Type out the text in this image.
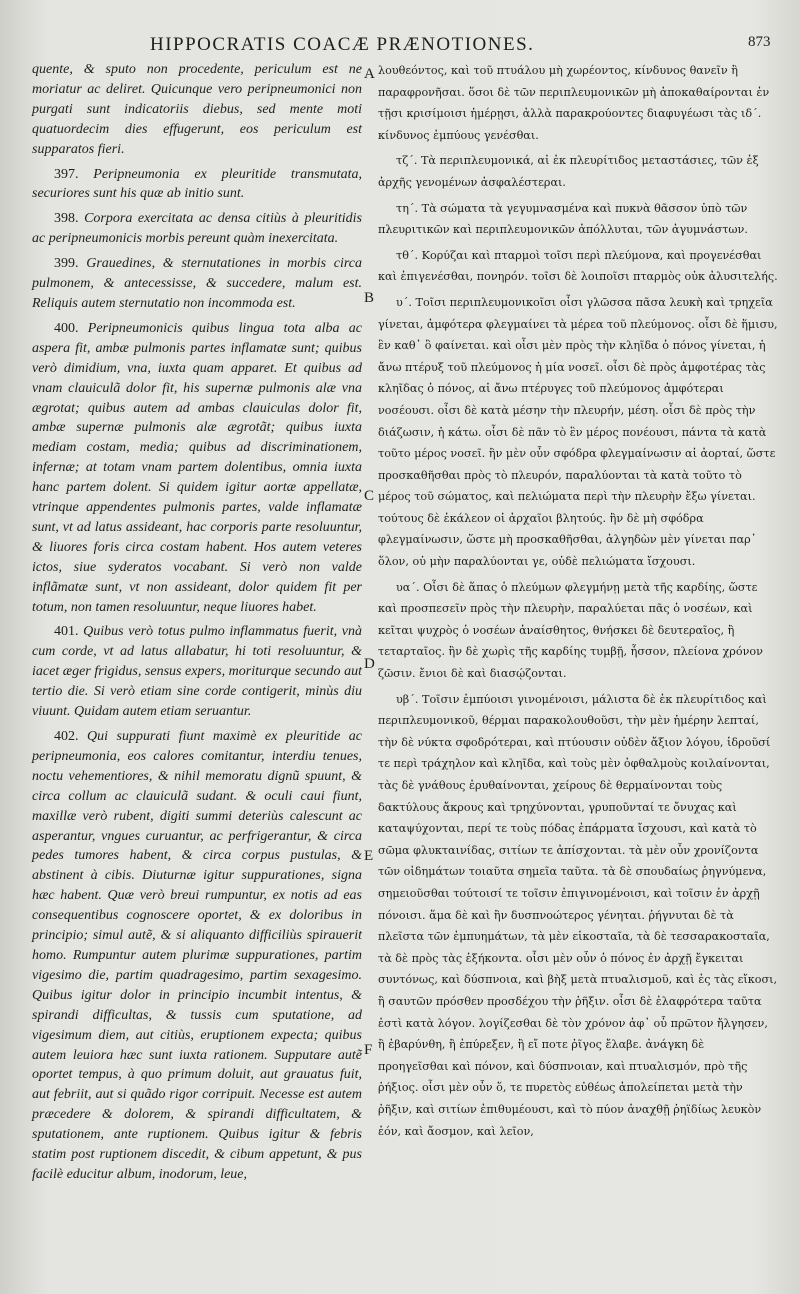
HIPPOCRATIS COACÆ PRÆNOTIONES.	873

quente, & sputo non procedente, periculum est ne moriatur ac deliret. Quicunque vero peripneumonici non purgati sunt indicatoriis diebus, sed mente moti quatuordecim dies effugerunt, eos periculum est supparatos fieri.

397. Peripneumonia ex pleuritide transmutata, securiores sunt his quæ ab initio sunt.

398. Corpora exercitata ac densa citiùs à pleuritidis ac peripneumonicis morbis pereunt quàm inexercitata.

399. Grauedines, & sternutationes in morbis circa pulmonem, & antecessisse, & succedere, malum est. Reliquis autem sternutatio non incommoda est.

400. Peripneumonicis quibus lingua tota alba ac aspera fit, ambæ pulmonis partes inflamatæ sunt; quibus verò dimidium, vna, iuxta quam apparet. Et quibus ad vnam clauiculã dolor fit, his supernæ pulmonis alæ vna ægrotat; quibus autem ad ambas clauiculas dolor fit, ambæ supernæ pulmonis alæ ægrotãt; quibus iuxta mediam costam, media; quibus ad discriminationem, infernæ; at totam vnam partem dolentibus, omnia iuxta hanc partem dolent. Si quidem igitur aortæ appellatæ, vtrinque appendentes pulmonis partes, valde inflamatæ sunt, vt ad latus assideant, hac corporis parte resoluuntur, & liuores foris circa costam habent. Hos autem veteres ictos, siue syderatos vocabant. Si verò non valde inflãmatæ sunt, vt non assideant, dolor quidem fit per totum, non tamen resoluuntur, neque liuores habet.

401. Quibus verò totus pulmo inflammatus fuerit, vnà cum corde, vt ad latus allabatur, hi toti resoluuntur, & iacet æger frigidus, sensus expers, moriturque secundo aut tertio die. Si verò etiam sine corde contigerit, minùs diu viuunt. Quidam autem etiam seruantur.

402. Qui suppurati fiunt maximè ex pleuritide ac peripneumonia, eos calores comitantur, interdiu tenues, noctu vehementiores, & nihil memoratu dignũ spuunt, & circa collum ac clauiculã sudant. & oculi caui fiunt, maxillæ verò rubent, digiti summi deteriùs calescunt ac asperantur, vngues curuantur, ac perfrigerantur, & circa pedes tumores habent, & circa corpus pustulas, & abstinent à cibis. Diuturnæ igitur suppurationes, signa hæc habent. Quæ verò breui rumpuntur, ex notis ad eas consequentibus cognoscere oportet, & ex doloribus in principio; simul autẽ, & si aliquanto difficiliùs spirauerit homo. Rumpuntur autem plurimæ suppurationes, partim vigesimo die, partim quadragesimo, partim sexagesimo. Quibus igitur dolor in principio incumbit intentus, & spirandi difficultas, & tussis cum sputatione, ad vigesimum diem, aut citiùs, eruptionem expecta; quibus autem leuiora hæc sunt iuxta rationem. Supputare autẽ oportet tempus, à quo primum doluit, aut grauatus fuit, aut febriit, aut si quãdo rigor corripuit. Necesse est autem præcedere & dolorem, & spirandi difficultatem, & sputationem, ante ruptionem. Quibus igitur & febris statim post ruptionem discedit, & cibum appetunt, & pus facilè educitur album, inodorum, leue,

A
B
C
D
E
F

λουθεόντος, καὶ τοῦ πτυάλου μὴ χωρέοντος, κίνδυνος θανεῖν ἢ παραφρονῆσαι. ὅσοι δὲ τῶν περιπλευμονικῶν μὴ ἀποκαθαίρονται ἐν τῇσι κρισίμοισι ἡμέρῃσι, ἀλλὰ παρακρούοντες διαφυγέωσι τὰς ιδ΄. κίνδυνος ἐμπύους γενέσθαι.

τζ΄. Τὰ περιπλευμονικά, αἱ ἐκ πλευρίτιδος μεταστάσιες, τῶν ἐξ ἀρχῆς γενομένων ἀσφαλέστεραι.

τη΄. Τὰ σώματα τὰ γεγυμνασμένα καὶ πυκνὰ θᾶσσον ὑπὸ τῶν πλευριτικῶν καὶ περιπλευμονικῶν ἀπόλλυται, τῶν ἀγυμνάστων.

τθ΄. Κορύζαι καὶ πταρμοὶ τοῖσι περὶ πλεύμονα, καὶ προγενέσθαι καὶ ἐπιγενέσθαι, πονηρόν. τοῖσι δὲ λοιποῖσι πταρμὸς οὐκ ἀλυσιτελής.

υ΄. Τοῖσι περιπλευμονικοῖσι οἷσι γλῶσσα πᾶσα λευκὴ καὶ τρηχεῖα γίνεται, ἀμφότερα φλεγμαίνει τὰ μέρεα τοῦ πλεύμονος. οἷσι δὲ ἥμισυ, ἓν καθ᾽ ὃ φαίνεται. καὶ οἷσι μὲν πρὸς τὴν κληῖδα ὁ πόνος γίνεται, ἡ ἄνω πτέρυξ τοῦ πλεύμονος ἡ μία νοσεῖ. οἷσι δὲ πρὸς ἀμφοτέρας τὰς κληῖδας ὁ πόνος, αἱ ἄνω πτέρυγες τοῦ πλεύμονος ἀμφότεραι νοσέουσι. οἷσι δὲ κατὰ μέσην τὴν πλευρήν, μέση. οἷσι δὲ πρὸς τὴν διάζωσιν, ἡ κάτω. οἷσι δὲ πᾶν τὸ ἓν μέρος πονέουσι, πάντα τὰ κατὰ τοῦτο μέρος νοσεῖ. ἢν μὲν οὖν σφόδρα φλεγμαίνωσιν αἱ ἀορταί, ὥστε προσκαθῆσθαι πρὸς τὸ πλευρόν, παραλύονται τὰ κατὰ τοῦτο τὸ μέρος τοῦ σώματος, καὶ πελιώματα περὶ τὴν πλευρὴν ἔξω γίνεται. τούτους δὲ ἐκάλεον οἱ ἀρχαῖοι βλητούς. ἢν δὲ μὴ σφόδρα φλεγμαίνωσιν, ὥστε μὴ προσκαθῆσθαι, ἀλγηδὼν μὲν γίνεται παρ᾽ ὅλον, οὐ μὴν παραλύονται γε, οὐδὲ πελιώματα ἴσχουσι.

υα΄. Οἷσι δὲ ἅπας ὁ πλεύμων φλεγμήνῃ μετὰ τῆς καρδίης, ὥστε καὶ προσπεσεῖν πρὸς τὴν πλευρὴν, παραλύεται πᾶς ὁ νοσέων, καὶ κεῖται ψυχρὸς ὁ νοσέων ἀναίσθητος, θνήσκει δὲ δευτεραῖος, ἢ τεταρταῖος. ἢν δὲ χωρὶς τῆς καρδίης τυμβῇ, ἧσσον, πλείονα χρόνον ζῶσιν. ἔνιοι δὲ καὶ διασῴζονται.

υβ΄. Τοῖσιν ἐμπύοισι γινομένοισι, μάλιστα δὲ ἐκ πλευρίτιδος καὶ περιπλευμονικοῦ, θέρμαι παρακολουθοῦσι, τὴν μὲν ἡμέρην λεπταί, τὴν δὲ νύκτα σφοδρότεραι, καὶ πτύουσιν οὐδὲν ἄξιον λόγου, ἱδροῦσί τε περὶ τράχηλον καὶ κληῖδα, καὶ τοὺς μὲν ὀφθαλμοὺς κοιλαίνονται, τὰς δὲ γνάθους ἐρυθαίνονται, χείρους δὲ θερμαίνονται τοὺς δακτύλους ἄκρους καὶ τρηχύνονται, γρυποῦνταί τε ὄνυχας καὶ καταψύχονται, περί τε τοὺς πόδας ἐπάρματα ἴσχουσι, καὶ κατὰ τὸ σῶμα φλυκταινίδας, σιτίων τε ἀπίσχονται. τὰ μὲν οὖν χρονίζοντα τῶν οἰδημάτων τοιαῦτα σημεῖα ταῦτα. τὰ δὲ σπουδαίως ῥηγνύμενα, σημειοῦσθαι τούτοισί τε τοῖσιν ἐπιγινομένοισι, καὶ τοῖσιν ἐν ἀρχῇ πόνοισι. ἅμα δὲ καὶ ἢν δυσπνοώτερος γένηται. ῥήγνυται δὲ τὰ πλεῖστα τῶν ἐμπυημάτων, τὰ μὲν εἰκοσταῖα, τὰ δὲ τεσσαρακοσταῖα, τὰ δὲ πρὸς τὰς ἑξήκοντα. οἷσι μὲν οὖν ὁ πόνος ἐν ἀρχῇ ἔγκειται συντόνως, καὶ δύσπνοια, καὶ βὴξ μετὰ πτυαλισμοῦ, καὶ ἐς τὰς εἴκοσι, ἢ σαυτῶν πρόσθεν προσδέχου τὴν ῥῆξιν. οἷσι δὲ ἐλαφρότερα ταῦτα ἐστὶ κατὰ λόγον. λογίζεσθαι δὲ τὸν χρόνον ἀφ᾽ οὗ πρῶτον ἤλγησεν, ἢ ἐβαρύνθη, ἢ ἐπύρεξεν, ἢ εἴ ποτε ῥῖγος ἔλαβε. ἀνάγκη δὲ προηγεῖσθαι καὶ πόνον, καὶ δύσπνοιαν, καὶ πτυαλισμόν, πρὸ τῆς ῥήξιος. οἷσι μὲν οὖν ὅ, τε πυρετὸς εὐθέως ἀπολείπεται μετὰ τὴν ῥῆξιν, καὶ σιτίων ἐπιθυμέουσι, καὶ τὸ πύον ἀναχθῇ ῥηϊδίως λευκὸν ἐόν, καὶ ἄοσμον, καὶ λεῖον,
